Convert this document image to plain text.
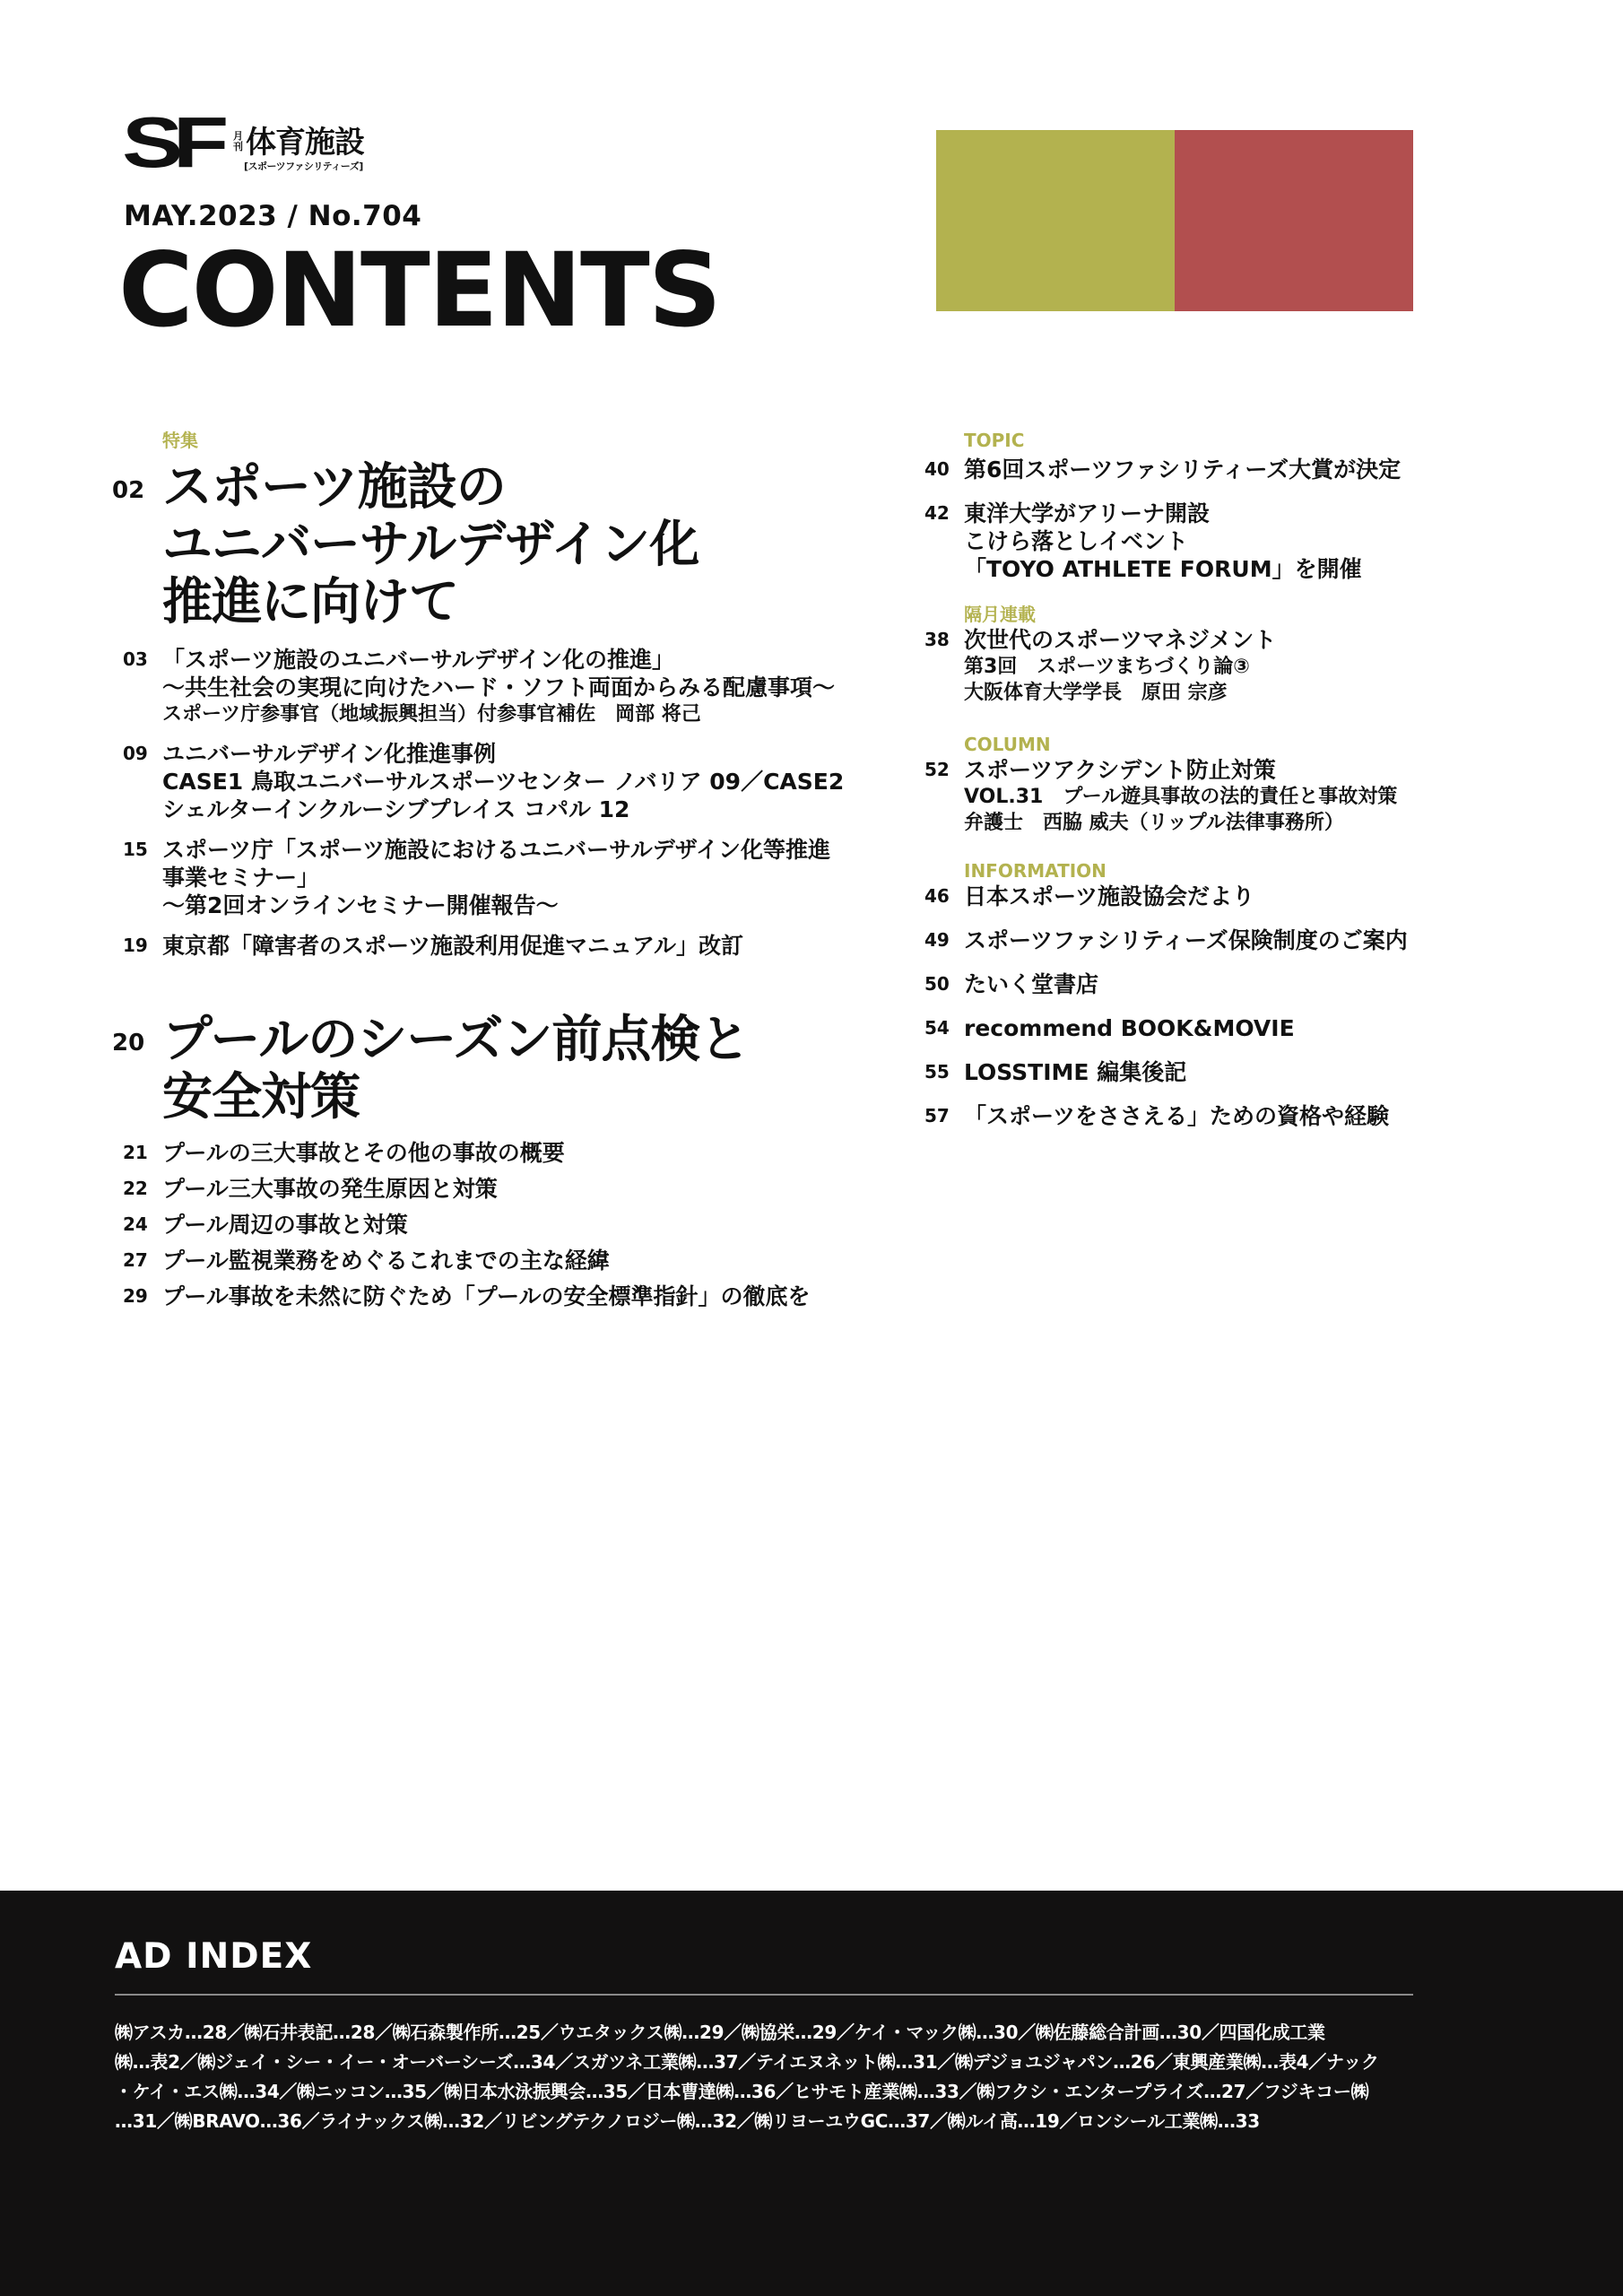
SF 月刊 体育施設
[スポーツファシリティーズ]
MAY.2023 / No.704
CONTENTS
特集
02 スポーツ施設の
ユニバーサルデザイン化
推進に向けて
03 「スポーツ施設のユニバーサルデザイン化の推進」
〜共生社会の実現に向けたハード・ソフト両面からみる配慮事項〜
スポーツ庁参事官（地域振興担当）付参事官補佐　岡部 将己
09 ユニバーサルデザイン化推進事例
CASE1 鳥取ユニバーサルスポーツセンター ノバリア 09／CASE2
シェルターインクルーシブプレイス コパル 12
15 スポーツ庁「スポーツ施設におけるユニバーサルデザイン化等推進
事業セミナー」
〜第2回オンラインセミナー開催報告〜
19 東京都「障害者のスポーツ施設利用促進マニュアル」改訂
20 プールのシーズン前点検と
安全対策
21 プールの三大事故とその他の事故の概要
22 プール三大事故の発生原因と対策
24 プール周辺の事故と対策
27 プール監視業務をめぐるこれまでの主な経緯
29 プール事故を未然に防ぐため「プールの安全標準指針」の徹底を
TOPIC
40 第6回スポーツファシリティーズ大賞が決定
42 東洋大学がアリーナ開設
こけら落としイベント
「TOYO ATHLETE FORUM」を開催
隔月連載
38 次世代のスポーツマネジメント
第3回　スポーツまちづくり論③
大阪体育大学学長　原田 宗彦
COLUMN
52 スポーツアクシデント防止対策
VOL.31　プール遊具事故の法的責任と事故対策
弁護士　西脇 威夫（リップル法律事務所）
INFORMATION
46 日本スポーツ施設協会だより
49 スポーツファシリティーズ保険制度のご案内
50 たいく堂書店
54 recommend BOOK&MOVIE
55 LOSSTIME 編集後記
57 「スポーツをささえる」ための資格や経験
AD INDEX
㈱アスカ…28／㈱石井表記…28／㈱石森製作所…25／ウエタックス㈱…29／㈱協栄…29／ケイ・マック㈱…30／㈱佐藤総合計画…30／四国化成工業
㈱…表2／㈱ジェイ・シー・イー・オーバーシーズ…34／スガツネ工業㈱…37／テイエヌネット㈱…31／㈱デジョユジャパン…26／東興産業㈱…表4／ナック
・ケイ・エス㈱…34／㈱ニッコン…35／㈱日本水泳振興会…35／日本曹達㈱…36／ヒサモト産業㈱…33／㈱フクシ・エンタープライズ…27／フジキコー㈱
…31／㈱BRAVO…36／ライナックス㈱…32／リビングテクノロジー㈱…32／㈱リヨーユウGC…37／㈱ルイ高…19／ロンシール工業㈱…33
